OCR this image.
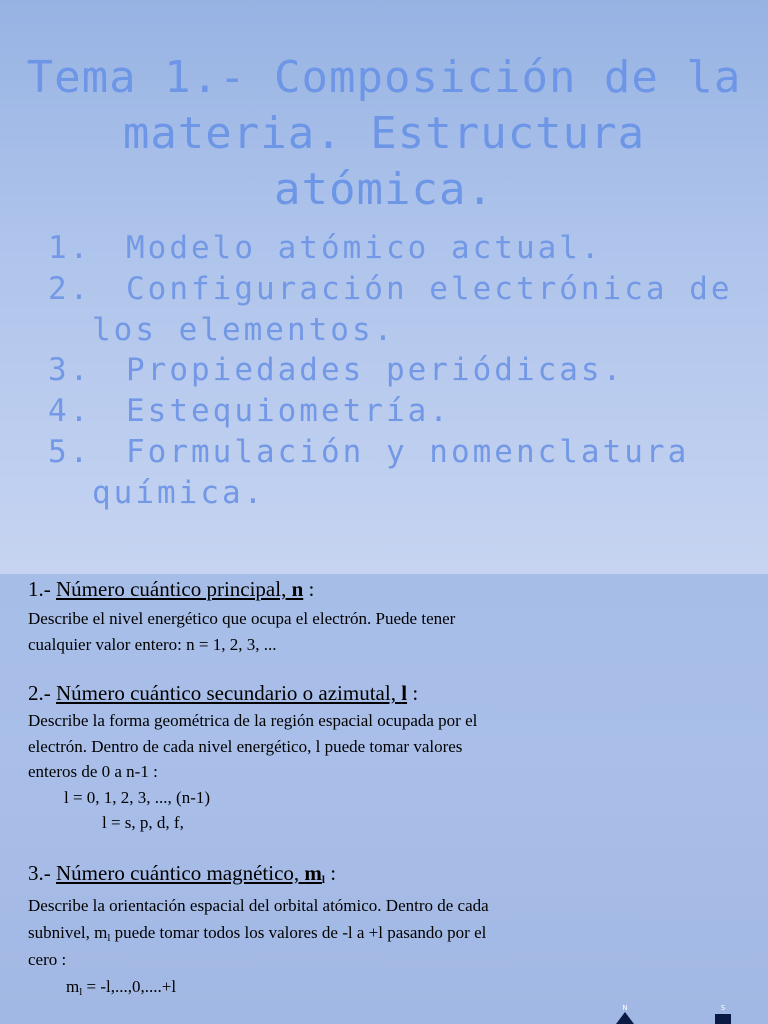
Tema 1.- Composición de la
materia. Estructura
atómica.
1. Modelo atómico actual.
2. Configuración electrónica de
los elementos.
3. Propiedades periódicas.
4. Estequiometría.
5. Formulación y nomenclatura
química.
1.- Número cuántico principal, n :
Describe el nivel energético que ocupa el electrón. Puede tener
cualquier valor entero: n = 1, 2, 3, ...
2.- Número cuántico secundario o azimutal, l :
Describe la forma geométrica de la región espacial ocupada por el
electrón. Dentro de cada nivel energético, l puede tomar valores
enteros de 0 a n-1 :
l = 0, 1, 2, 3, ..., (n-1)
l = s, p, d, f,
3.- Número cuántico magnético, $m_l$ :
Describe la orientación espacial del orbital atómico. Dentro de cada
subnivel, $m_l$ puede tomar todos los valores de -l a +l pasando por el
cero :
$m_l = -l,...,0,....+l$
N	S
